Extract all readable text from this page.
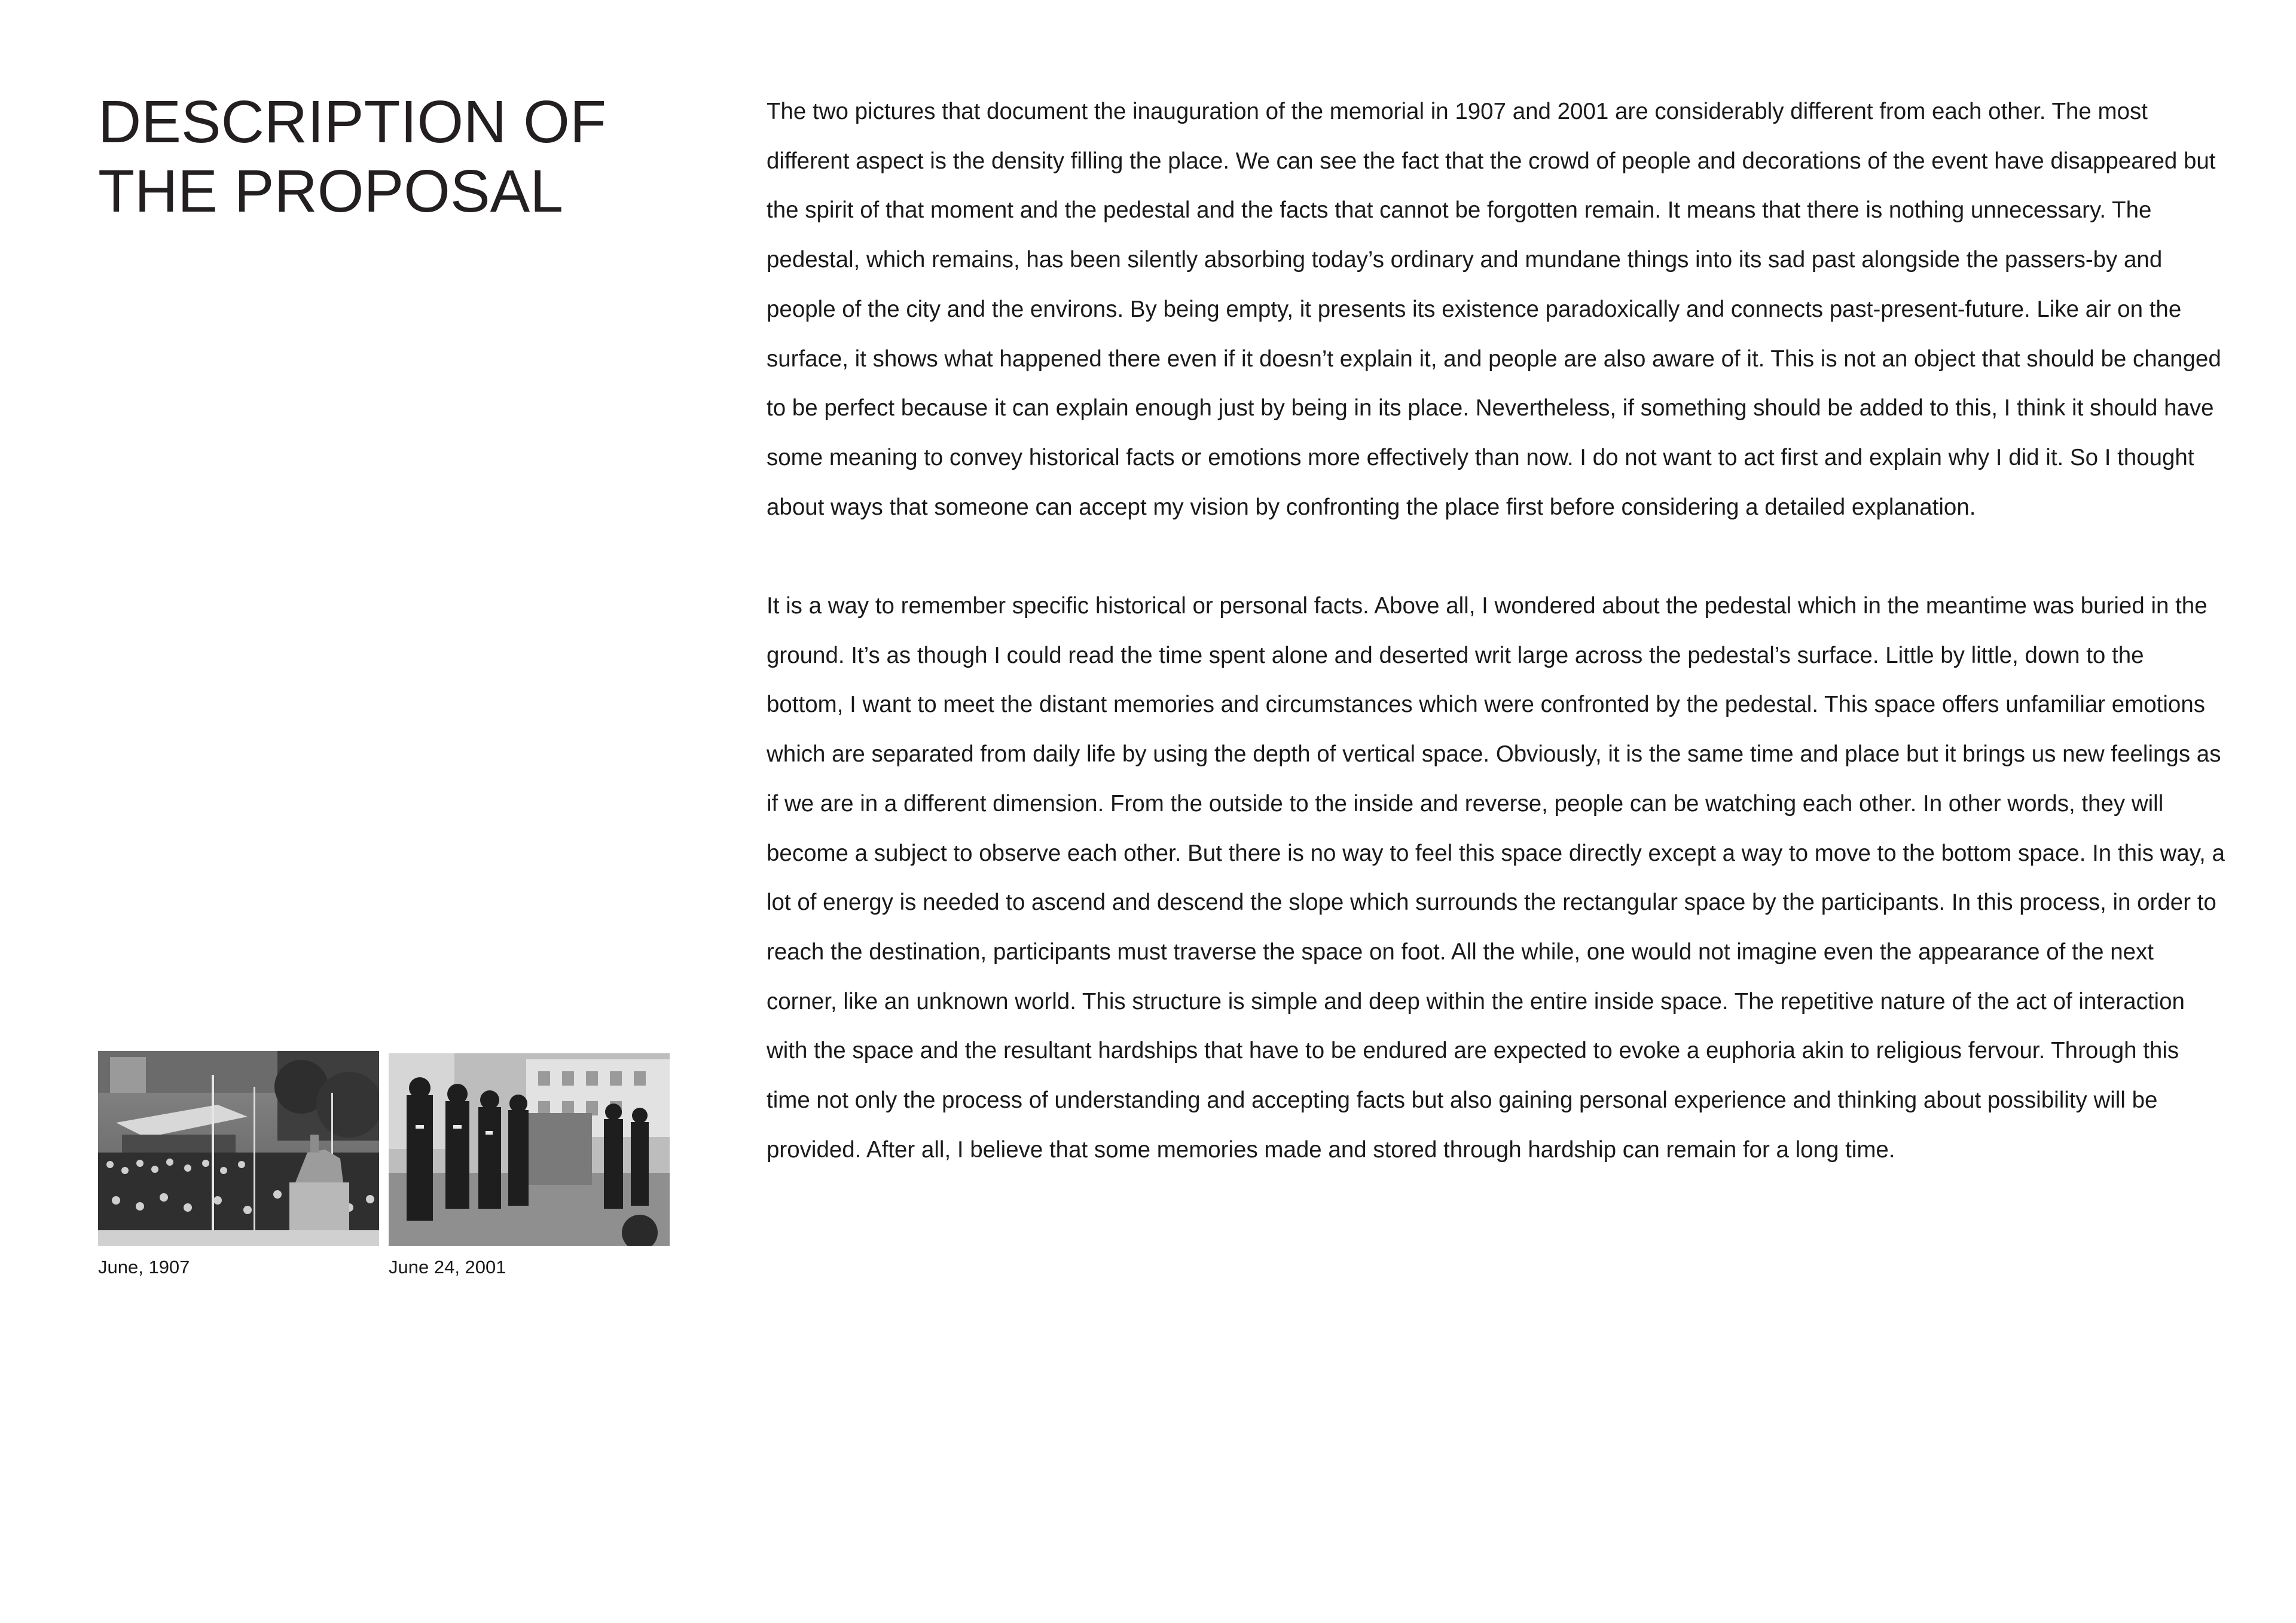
DESCRIPTION OF
THE PROPOSAL

The two pictures that document the inauguration of the memorial in 1907 and 2001 are considerably different from each other. The most different aspect is the density filling the place. We can see the fact that the crowd of people and decorations of the event have disappeared but the spirit of that moment and the pedestal and the facts that cannot be forgotten remain. It means that there is nothing unnecessary. The pedestal, which remains, has been silently absorbing today’s ordinary and mundane things into its sad past alongside the passers-by and people of the city and the environs. By being empty, it presents its existence paradoxically and connects past-present-future. Like air on the surface, it shows what happened there even if it doesn’t explain it, and people are also aware of it. This is not an object that should be changed to be perfect because it can explain enough just by being in its place. Nevertheless, if something should be added to this, I think it should have some meaning to convey historical facts or emotions more effectively than now. I do not want to act first and explain why I did it. So I thought about ways that someone can accept my vision by confronting the place first before considering a detailed explanation.

It is a way to remember specific historical or personal facts. Above all, I wondered about the pedestal which in the meantime was buried in the ground. It’s as though I could read the time spent alone and deserted writ large across the pedestal’s surface. Little by little, down to the bottom, I want to meet the distant memories and circumstances which were confronted by the pedestal. This space offers unfamiliar emotions which are separated from daily life by using the depth of vertical space. Obviously, it is the same time and place but it brings us new feelings as if we are in a different dimension. From the outside to the inside and reverse, people can be watching each other. In other words, they will become a subject to observe each other. But there is no way to feel this space directly except a way to move to the bottom space. In this way, a lot of energy is needed to ascend and descend the slope which surrounds the rectangular space by the participants. In this process, in order to reach the destination, participants must traverse the space on foot. All the while, one would not imagine even the appearance of the next corner, like an unknown world. This structure is simple and deep within the entire inside space. The repetitive nature of the act of interaction with the space and the resultant hardships that have to be endured are expected to evoke a euphoria akin to religious fervour. Through this time not only the process of understanding and accepting facts but also gaining personal experience and thinking about possibility will be provided. After all, I believe that some memories made and stored through hardship can remain for a long time.

June, 1907	June 24, 2001
